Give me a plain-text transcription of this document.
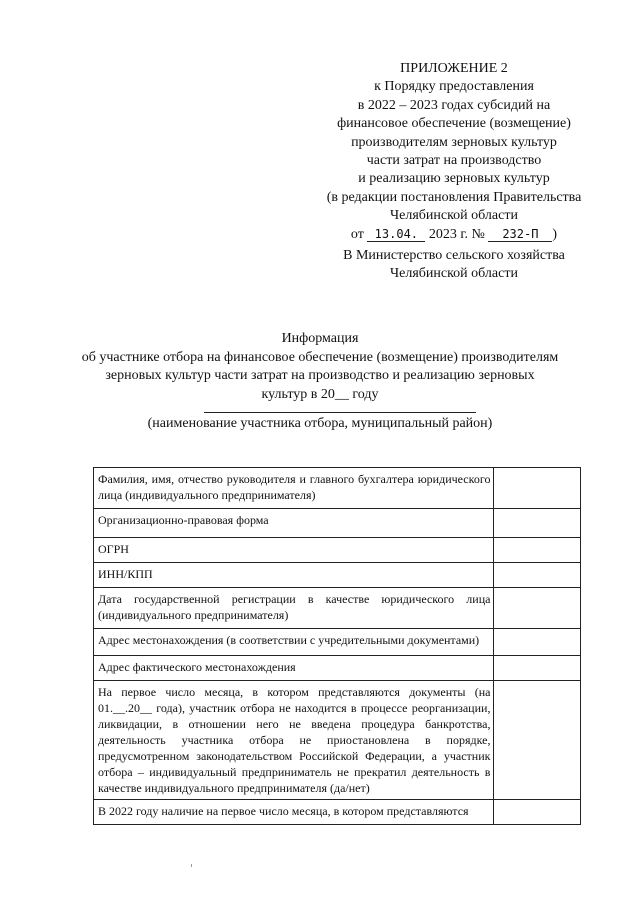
ПРИЛОЖЕНИЕ 2
к Порядку предоставления
в 2022 – 2023 годах субсидий на
финансовое обеспечение (возмещение)
производителям зерновых культур
части затрат на производство
и реализацию зерновых культур
(в редакции постановления Правительства
Челябинской области
от 13.04. 2023 г. № 232-П )
В Министерство сельского хозяйства
Челябинской области
Информация
об участнике отбора на финансовое обеспечение (возмещение) производителям
зерновых культур части затрат на производство и реализацию зерновых
культур в 20__ году
(наименование участника отбора, муниципальный район)
Фамилия, имя, отчество руководителя и главного бухгалтера юридического лица (индивидуального предпринимателя)	
Организационно-правовая форма	
ОГРН	
ИНН/КПП	
Дата государственной регистрации в качестве юридического лица (индивидуального предпринимателя)	
Адрес местонахождения (в соответствии с учредительными документами)	
Адрес фактического местонахождения	
На первое число месяца, в котором представляются документы (на 01.__.20__ года), участник отбора не находится в процессе реорганизации, ликвидации, в отношении него не введена процедура банкротства, деятельность участника отбора не приостановлена в порядке, предусмотренном законодательством Российской Федерации, а участник отбора – индивидуальный предприниматель не прекратил деятельность в качестве индивидуального предпринимателя (да/нет)	
В 2022 году наличие на первое число месяца, в котором представляются	
